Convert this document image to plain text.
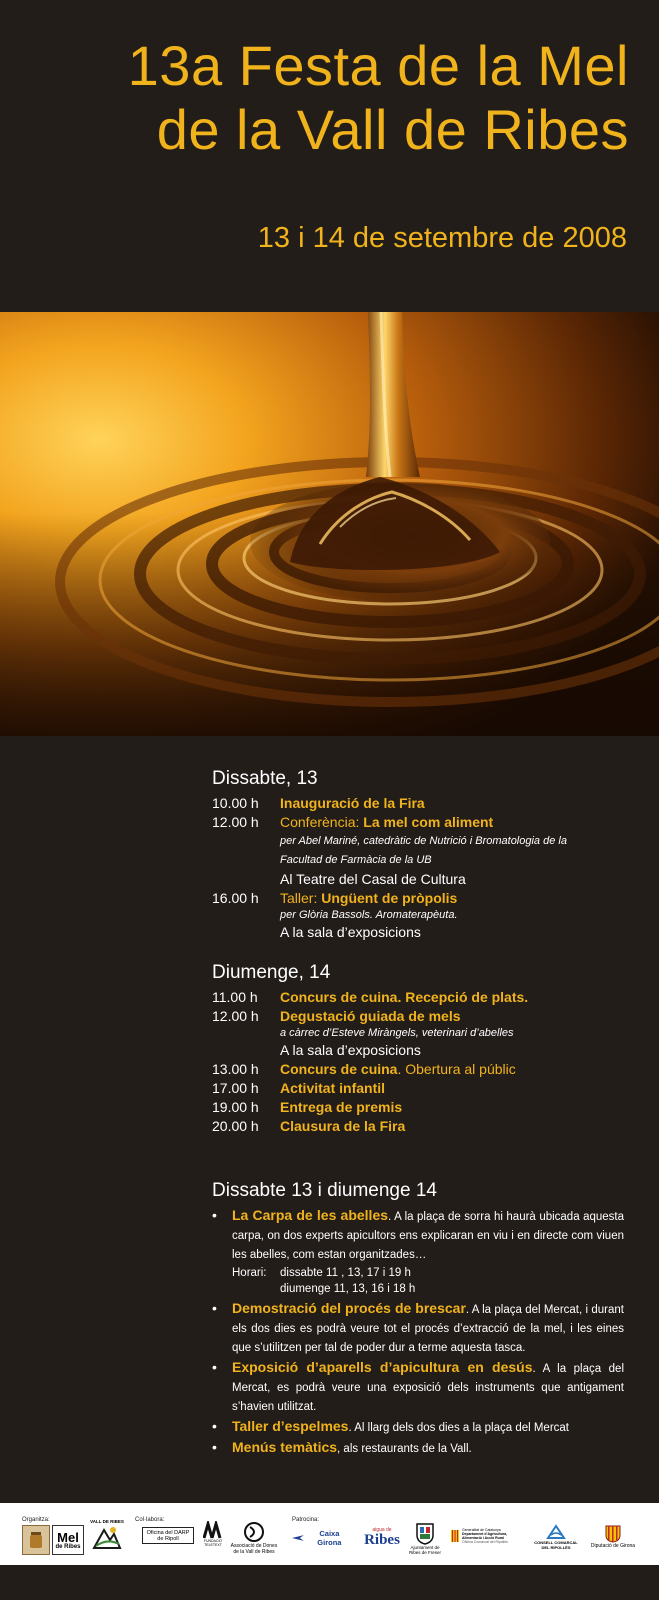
13a Festa de la Mel
de la Vall de Ribes
13 i 14 de setembre de 2008
Dissabte, 13
10.00 h	Inauguració de la Fira
12.00 h	Conferència: La mel com aliment
per Abel Mariné, catedràtic de Nutrició i Bromatologia de la
Facultad de Farmàcia de la UB
Al Teatre del Casal de Cultura
16.00 h	Taller: Ungüent de pròpolis
per Glòria Bassols. Aromaterapèuta.
A la sala d’exposicions
Diumenge, 14
11.00 h	Concurs de cuina. Recepció de plats.
12.00 h	Degustació guiada de mels
a càrrec d’Esteve Miràngels, veterinari d’abelles
A la sala d’exposicions
13.00 h	Concurs de cuina. Obertura al públic
17.00 h	Activitat infantil
19.00 h	Entrega de premis
20.00 h	Clausura de la Fira
Dissabte 13 i diumenge 14
• La Carpa de les abelles. A la plaça de sorra hi haurà ubicada aquesta carpa, on dos experts apicultors ens explicaran en viu i en directe com viuen les abelles, com estan organitzades…
Horari:	dissabte 11 , 13, 17 i 19 h
diumenge 11, 13, 16 i 18 h
• Demostració del procés de brescar. A la plaça del Mercat, i durant els dos dies es podrà veure tot el procés d’extracció de la mel, i les eines que s’utilitzen per tal de poder dur a terme aquesta tasca.
• Exposició d’aparells d’apicultura en desús. A la plaça del Mercat, es podrà veure una exposició dels instruments que antigament s’havien utilitzat.
• Taller d’espelmes. Al llarg dels dos dies a la plaça del Mercat
• Menús temàtics, als restaurants de la Vall.
Organitza:	Col·labora:	Patrocina:
Mel
de Ribes
VALL DE RIBES
Oficina del DARP
de Ripoll	FUNDACIÓ TELETEXT	Associació de Dones
de la Vall de Ribes
Caixa Girona
aigua de
Ribes Ajuntament de
Ribes de Freser
Generalitat de Catalunya
Departament d’Agricultura,
Alimentació i Acció Rural
Oficina Comarcal del Ripollès	CONSELL COMARCAL
DEL RIPOLLÈS	Diputació de Girona
